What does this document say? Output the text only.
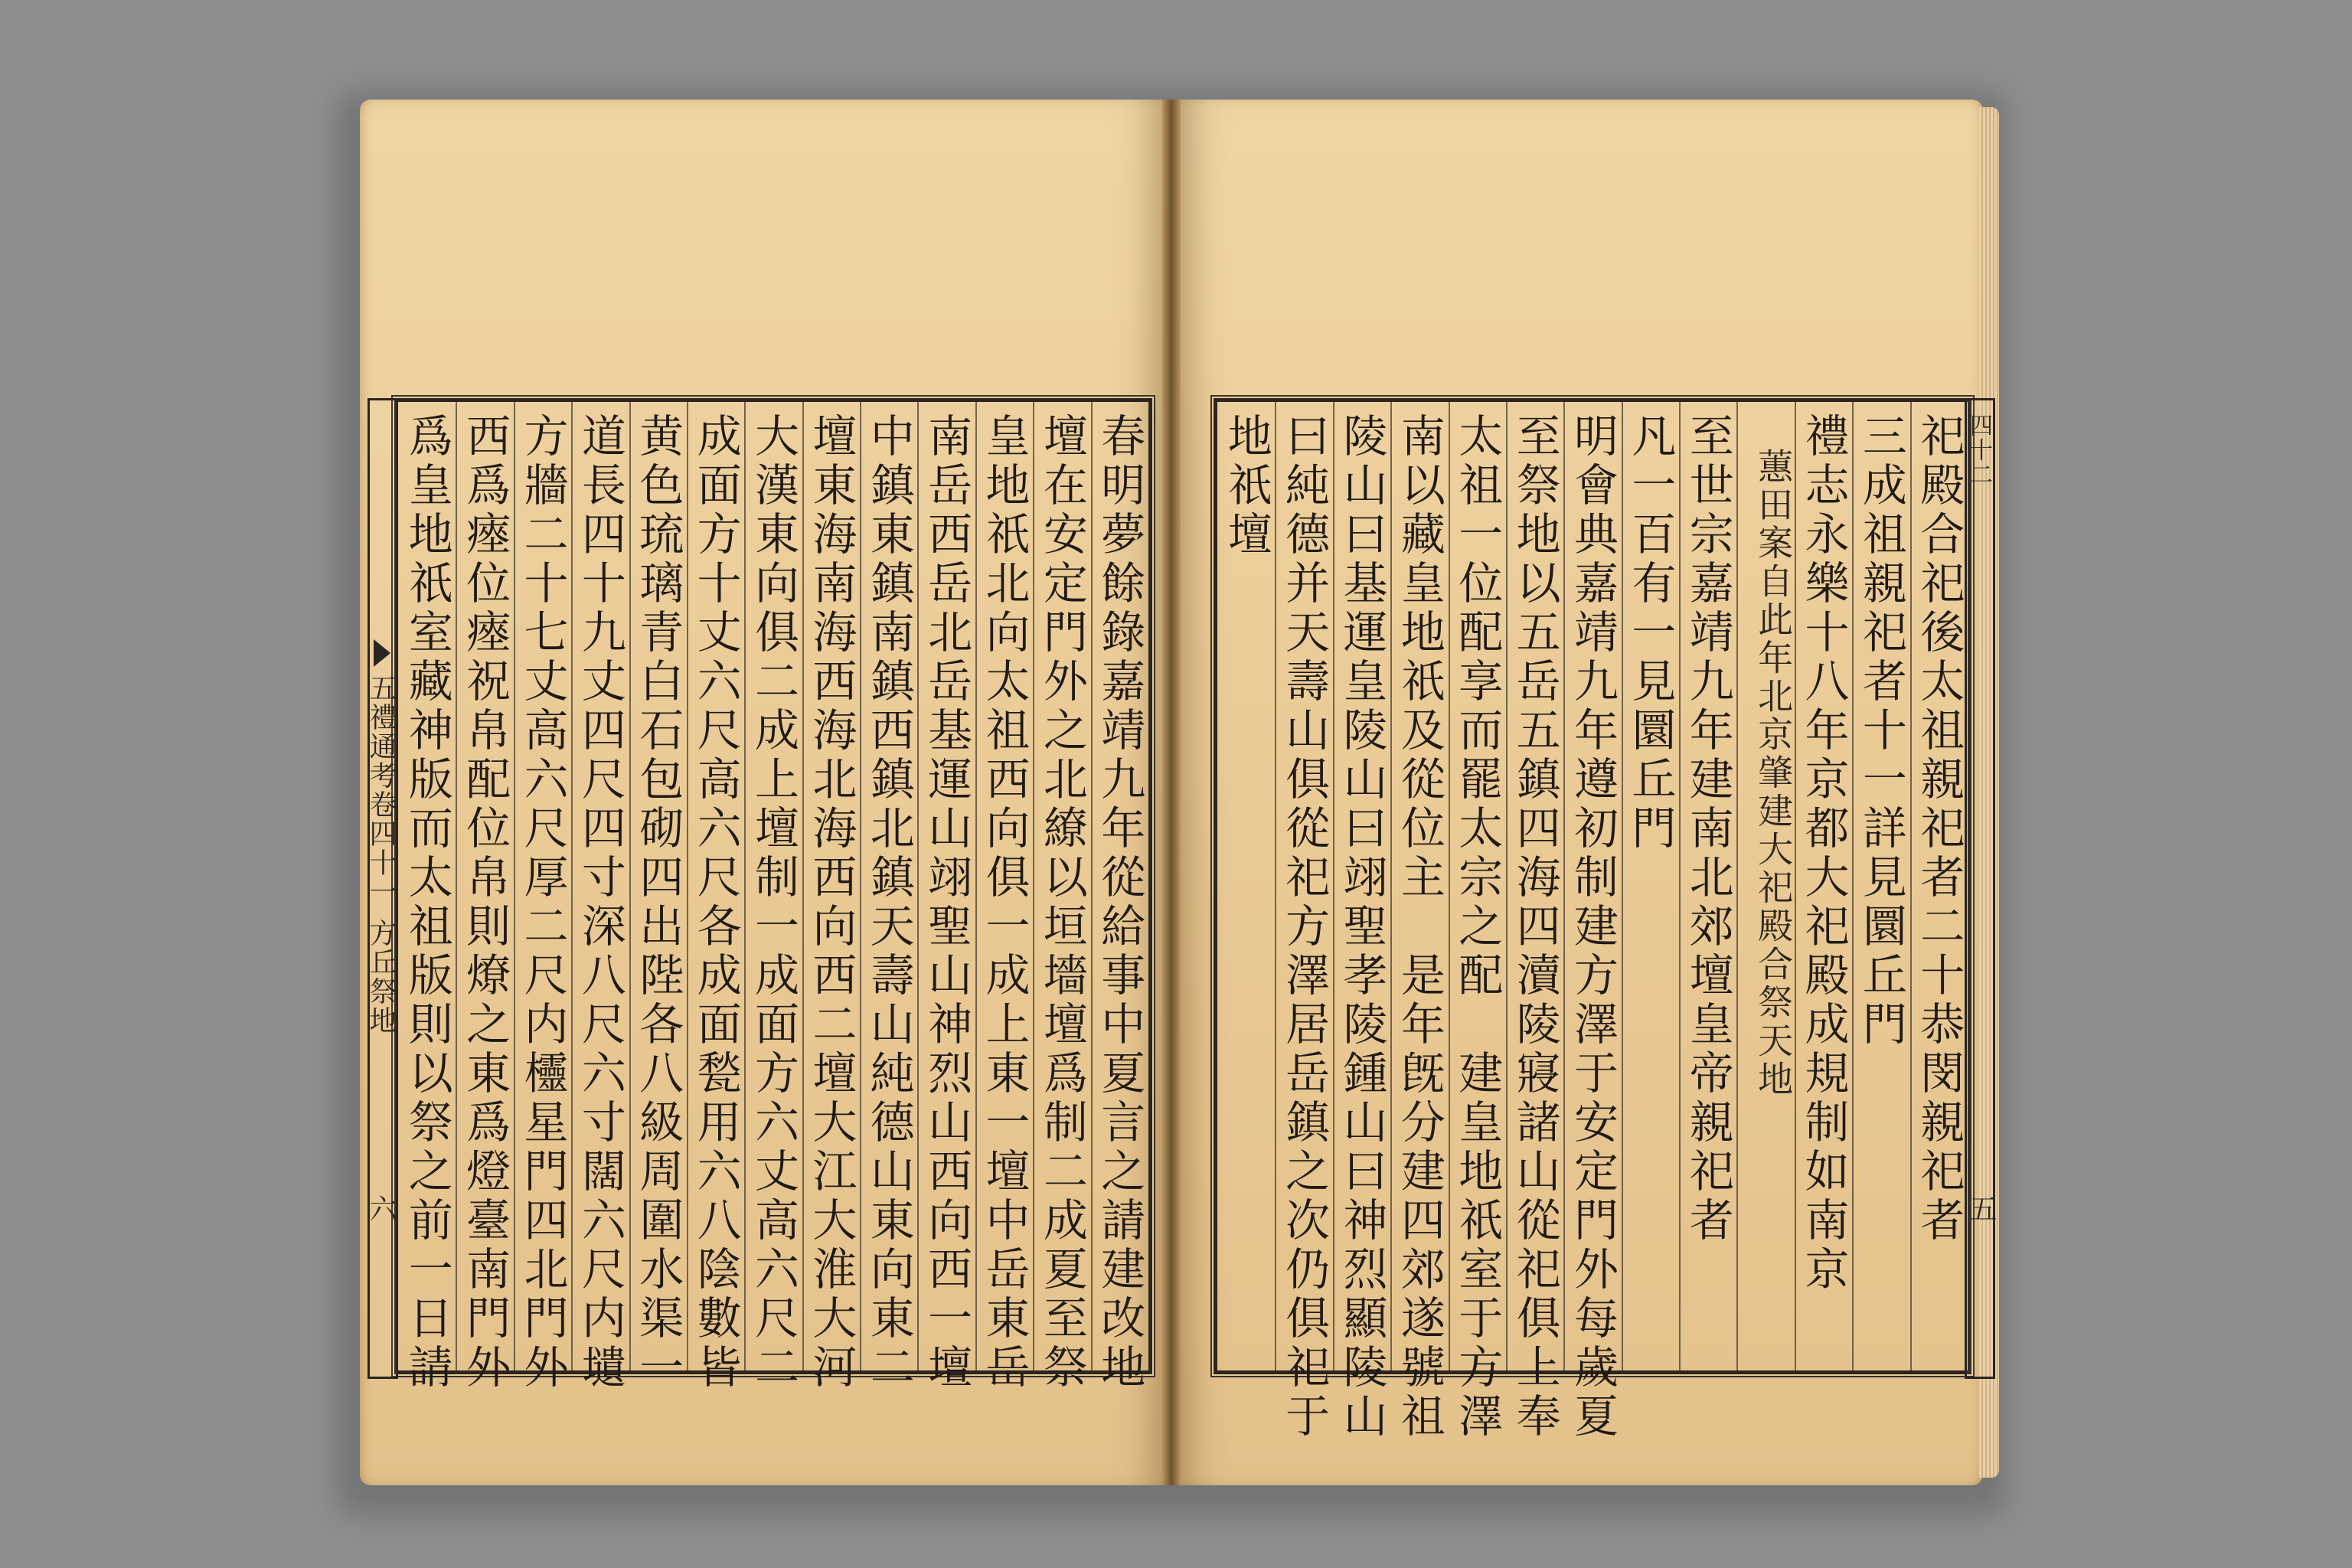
春明夢餘錄嘉靖九年從給事中夏言之請建改地
壇在安定門外之北繚以垣墻壇爲制二成夏至祭
皇地祇北向太祖西向俱一成上東一壇中岳東岳
南岳西岳北岳基運山翊聖山神烈山西向西一壇
中鎮東鎮南鎮西鎮北鎮天壽山純德山東向東二
壇東海南海西海北海西向西二壇大江大淮大河
大漢東向俱二成上壇制一成面方六丈高六尺二
成面方十丈六尺高六尺各成面甃用六八陰數皆
黄色琉璃青白石包砌四出陛各八級周圍水渠一
道長四十九丈四尺四寸深八尺六寸闊六尺内壝
方牆二十七丈高六尺厚二尺内欞星門四北門外
西爲瘞位瘞祝帛配位帛則燎之東爲燈臺南門外
爲皇地祇室藏神版而太祖版則以祭之前一日請
五禮通考卷四十一
方丘祭地
六	祀殿合祀後太祖親祀者二十恭閔親祀者
三成祖親祀者十一詳見圜丘門
禮志永樂十八年京都大祀殿成規制如南京
蕙田案自此年北京肇建大祀殿合祭天地
至世宗嘉靖九年建南北郊壇皇帝親祀者
凡一百有一見圜丘門
明會典嘉靖九年遵初制建方澤于安定門外每歲夏
至祭地以五岳五鎮四海四瀆陵寢諸山從祀俱上奉
太祖一位配享而罷太宗之配　建皇地祇室于方澤
南以藏皇地祇及從位主　是年旣分建四郊遂號祖
陵山曰基運皇陵山曰翊聖孝陵鍾山曰神烈顯陵山
曰純德并天壽山俱從祀方澤居岳鎮之次仍俱祀于
地祇壇	四十二
五
